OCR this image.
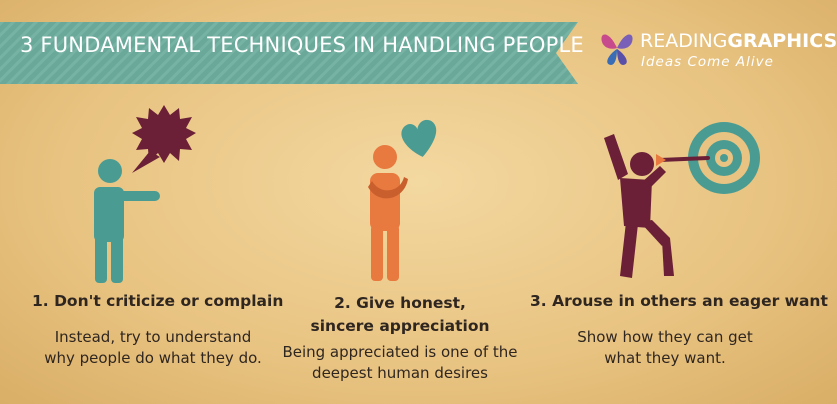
3 FUNDAMENTAL TECHNIQUES IN HANDLING PEOPLE	READINGGRAPHICS
Ideas Come Alive
1. Don't criticize or complain
Instead, try to understand
why people do what they do.
2. Give honest,
sincere appreciation
Being appreciated is one of the
deepest human desires
3. Arouse in others an eager want
Show how they can get
what they want.
